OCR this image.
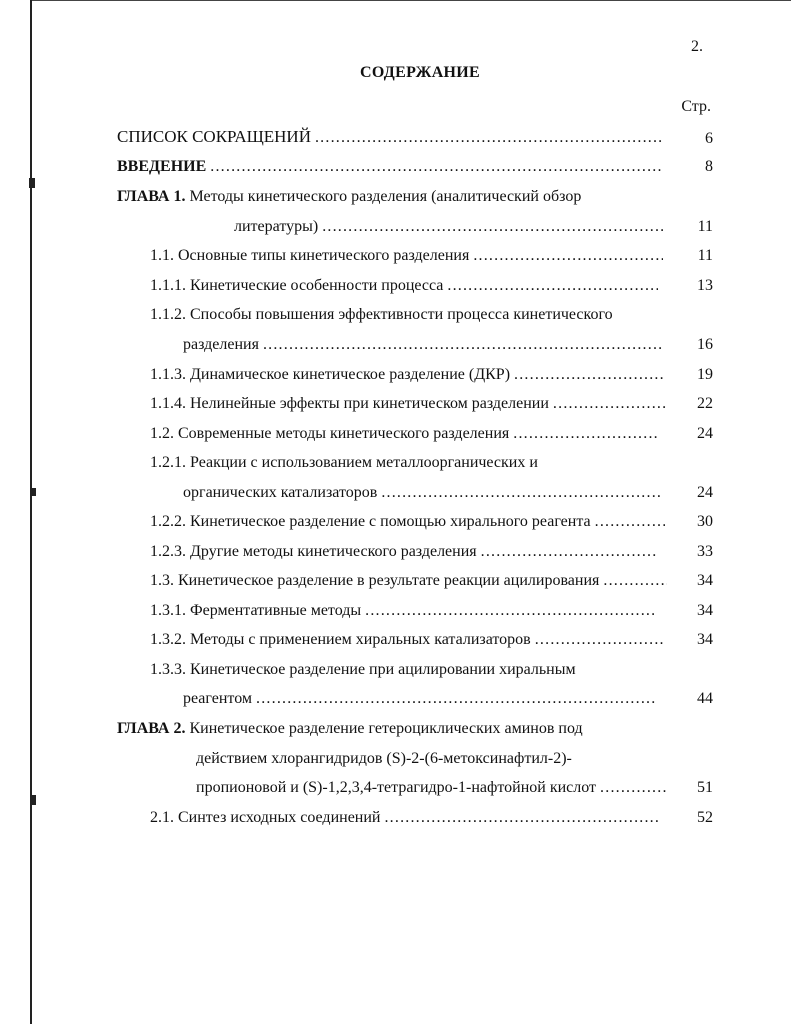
2.
СОДЕРЖАНИЕ
Стр.
СПИСОК СОКРАЩЕНИЙ .....	6
ВВЕДЕНИЕ .....	8
ГЛАВА 1. Методы кинетического разделения (аналитический обзор
литературы) .....	11
1.1. Основные типы кинетического разделения .....	11
1.1.1. Кинетические особенности процесса .....	13
1.1.2. Способы повышения эффективности процесса кинетического
разделения .....	16
1.1.3. Динамическое кинетическое разделение (ДКР) .....	19
1.1.4. Нелинейные эффекты при кинетическом разделении .....	22
1.2. Современные методы кинетического разделения .....	24
1.2.1. Реакции с использованием металлоорганических и
органических катализаторов .....	24
1.2.2. Кинетическое разделение с помощью хирального реагента .....	30
1.2.3. Другие методы кинетического разделения .....	33
1.3. Кинетическое разделение в результате реакции ацилирования .....	34
1.3.1. Ферментативные методы .....	34
1.3.2. Методы с применением хиральных катализаторов .....	34
1.3.3. Кинетическое разделение при ацилировании хиральным
реагентом .....	44
ГЛАВА 2. Кинетическое разделение гетероциклических аминов под
действием хлорангидридов (S)-2-(6-метоксинафтил-2)-
пропионовой и (S)-1,2,3,4-тетрагидро-1-нафтойной кислот .....	51
2.1. Синтез исходных соединений .....	52
